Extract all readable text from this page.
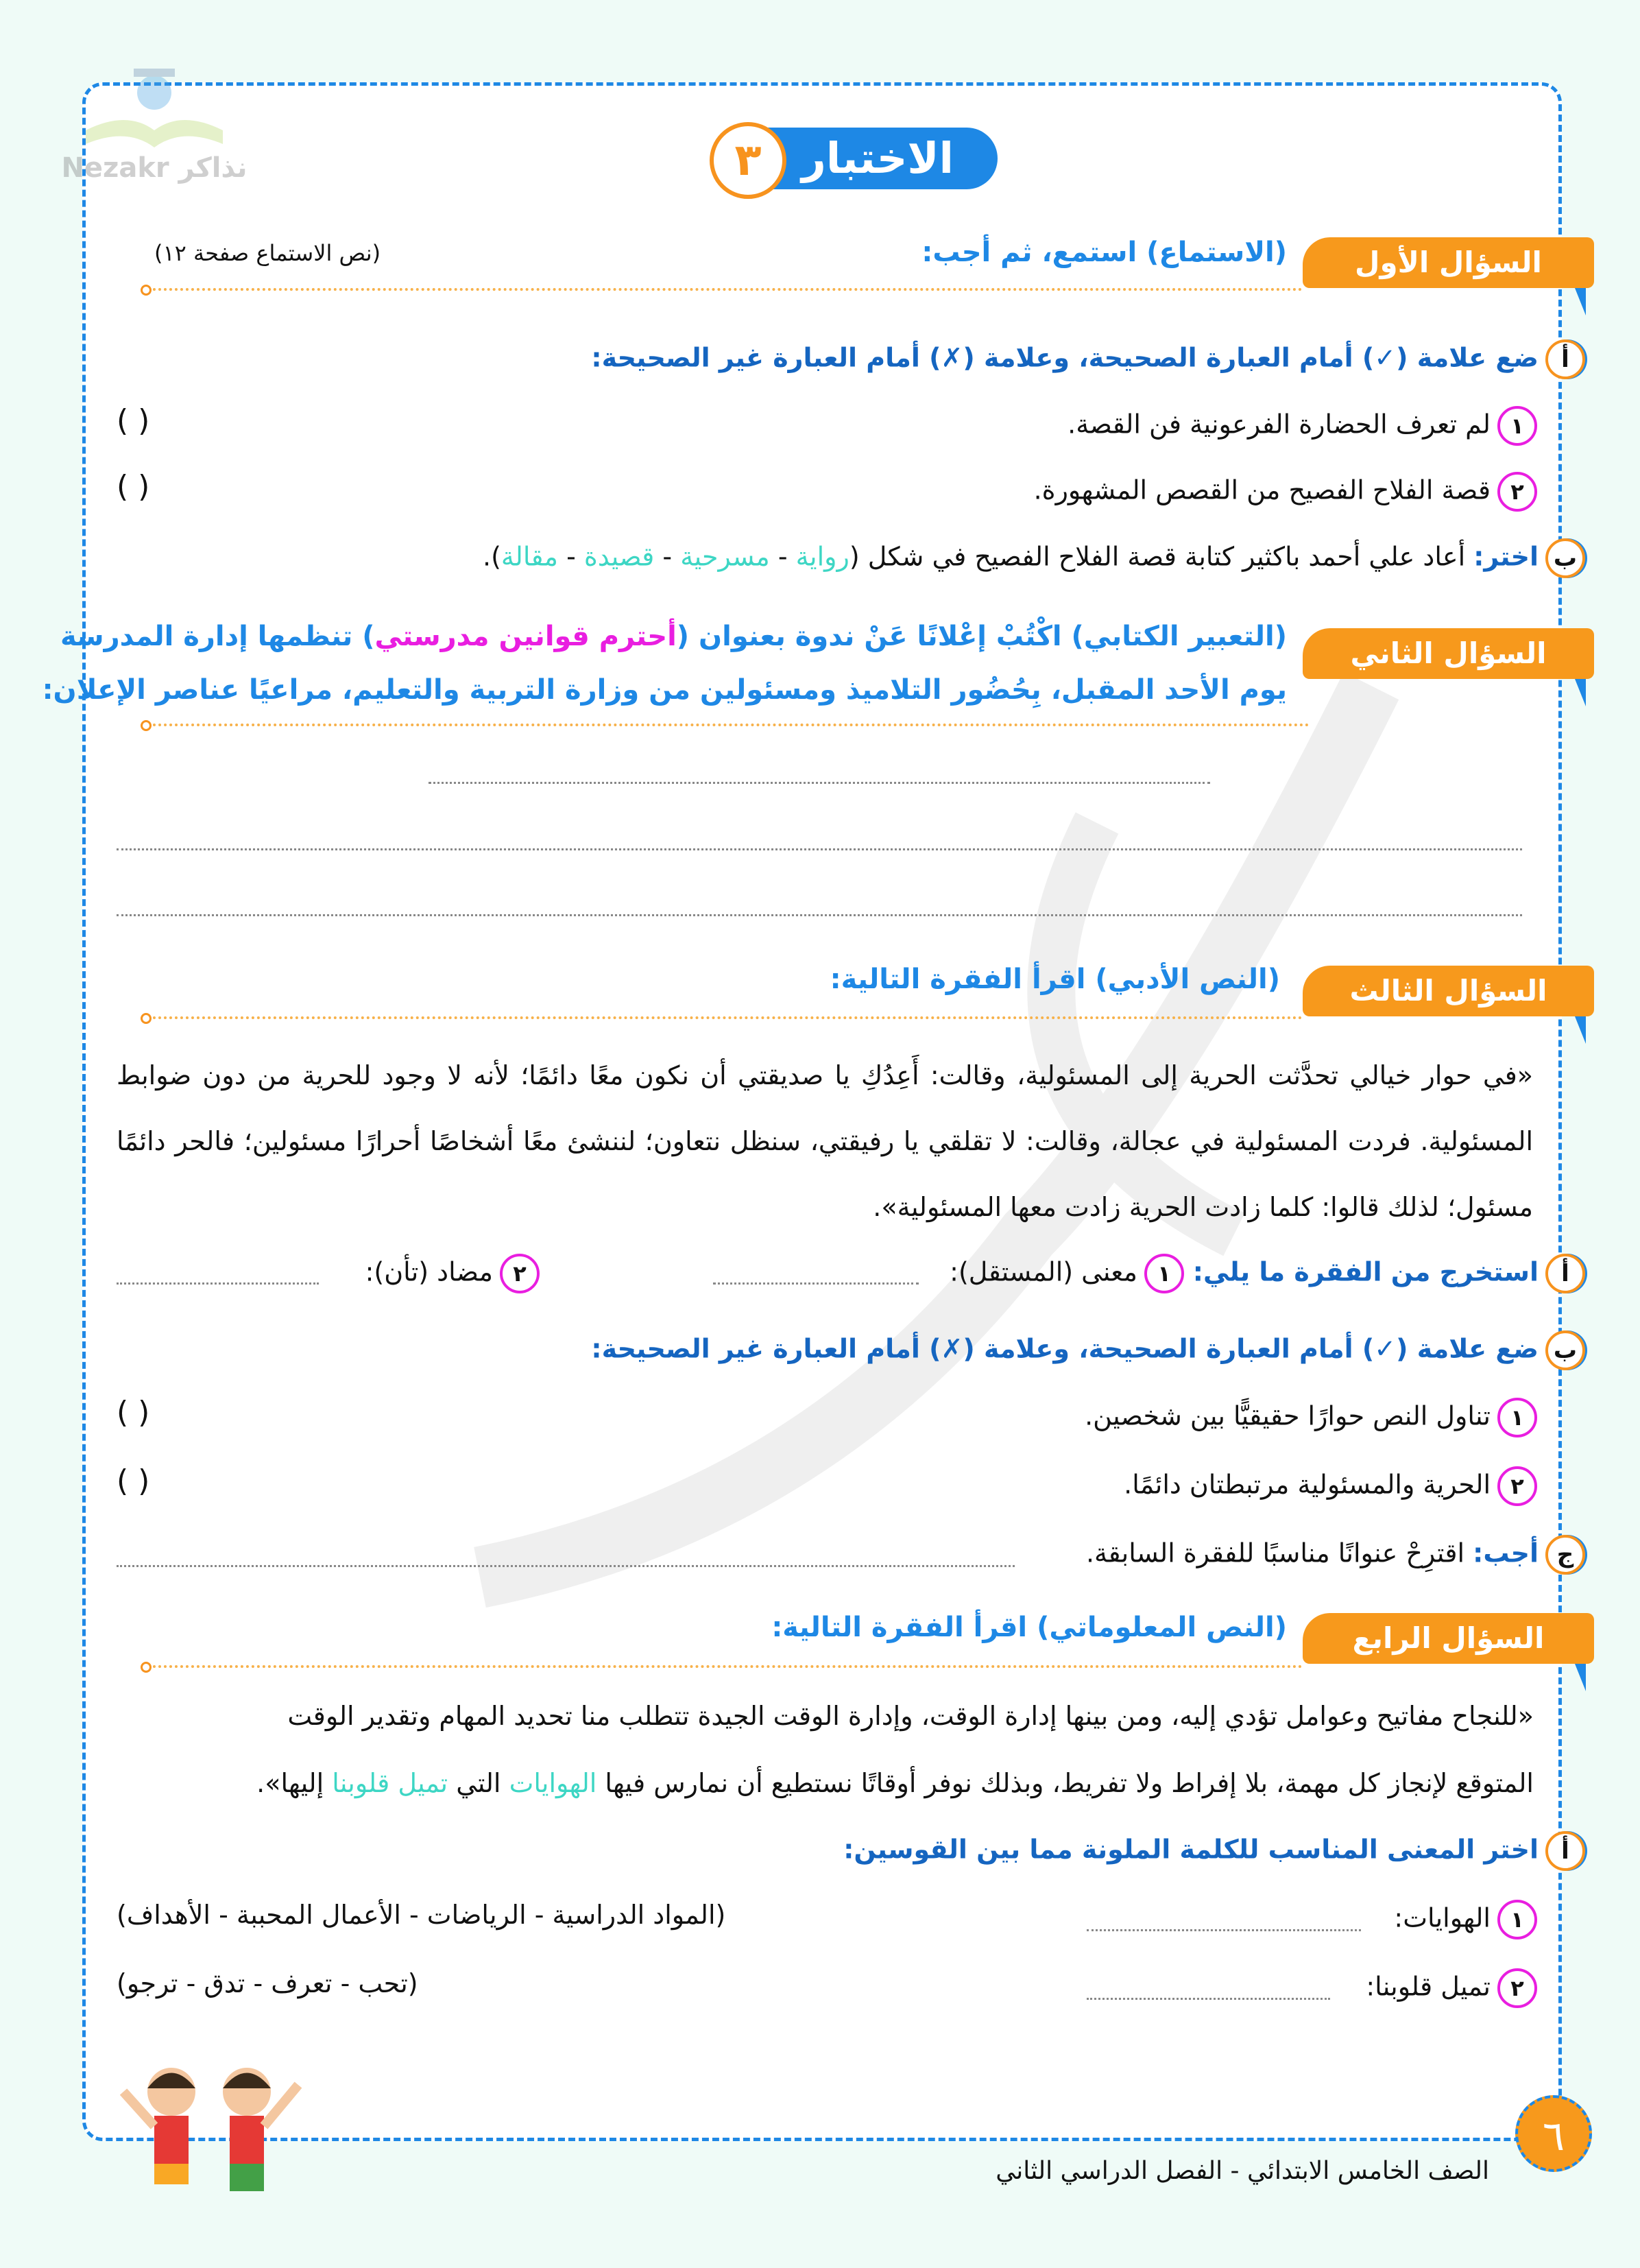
Nezakr نذاكر	الاختبار
٣
السؤال الأول
(الاستماع) استمع، ثم أجب:
(نص الاستماع صفحة ١٢)
أضع علامة (✓) أمام العبارة الصحيحة، وعلامة (✗) أمام العبارة غير الصحيحة:
١لم تعرف الحضارة الفرعونية فن القصة.
( )
٢قصة الفلاح الفصيح من القصص المشهورة.
( )
باختر: أعاد علي أحمد باكثير كتابة قصة الفلاح الفصيح في شكل (رواية - مسرحية - قصيدة - مقالة).
السؤال الثاني
(التعبير الكتابي) اكْتُبْ إعْلانًا عَنْ ندوة بعنوان (أحترم قوانين مدرستي) تنظمها إدارة المدرسة
يوم الأحد المقبل، بِحُضُور التلاميذ ومسئولين من وزارة التربية والتعليم، مراعيًا عناصر الإعلان:
السؤال الثالث
(النص الأدبي) اقرأ الفقرة التالية:
«في حوار خيالي تحدَّثت الحرية إلى المسئولية، وقالت: أَعِدُكِ يا صديقتي أن نكون معًا دائمًا؛ لأنه لا وجود للحرية من دون ضوابط المسئولية. فردت المسئولية في عجالة، وقالت: لا تقلقي يا رفيقتي، سنظل نتعاون؛ لننشئ معًا أشخاصًا أحرارًا مسئولين؛ فالحر دائمًا مسئول؛ لذلك قالوا: كلما زادت الحرية زادت معها المسئولية».
أاستخرج من الفقرة ما يلي:
١معنى (المستقل):
٢مضاد (تأن):
بضع علامة (✓) أمام العبارة الصحيحة، وعلامة (✗) أمام العبارة غير الصحيحة:
١تناول النص حوارًا حقيقيًّا بين شخصين.
( )
٢الحرية والمسئولية مرتبطتان دائمًا.
( )
جأجب: اقترِحْ عنوانًا مناسبًا للفقرة السابقة.
السؤال الرابع
(النص المعلوماتي) اقرأ الفقرة التالية:
«للنجاح مفاتيح وعوامل تؤدي إليه، ومن بينها إدارة الوقت، وإدارة الوقت الجيدة تتطلب منا تحديد المهام وتقدير الوقت
المتوقع لإنجاز كل مهمة، بلا إفراط ولا تفريط، وبذلك نوفر أوقاتًا نستطيع أن نمارس فيها الهوايات التي تميل قلوبنا إليها».
أاختر المعنى المناسب للكلمة الملونة مما بين القوسين:
١الهوايات:
(المواد الدراسية - الرياضات - الأعمال المحببة - الأهداف)
٢تميل قلوبنا:
(تحب - تعرف - تدق - ترجو)
٦
الصف الخامس الابتدائي - الفصل الدراسي الثاني
